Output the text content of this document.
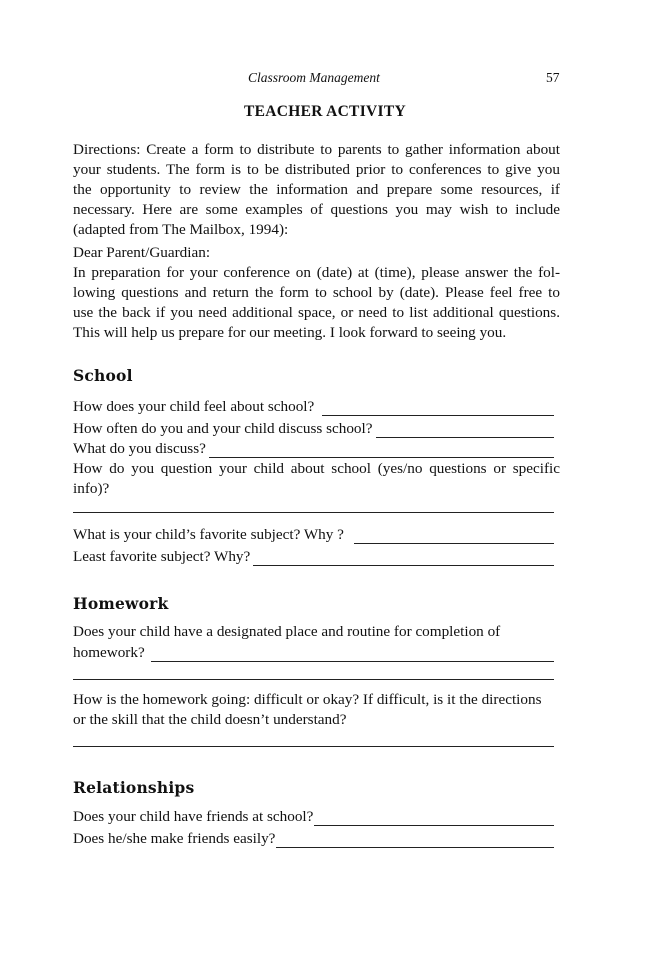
Classroom Management	57
TEACHER ACTIVITY
Directions: Create a form to distribute to parents to gather information about
your students. The form is to be distributed prior to conferences to give you
the opportunity to review the information and prepare some resources, if
necessary. Here are some examples of questions you may wish to include
(adapted from The Mailbox, 1994):
Dear Parent/Guardian:
In preparation for your conference on (date) at (time), please answer the fol-
lowing questions and return the form to school by (date). Please feel free to
use the back if you need additional space, or need to list additional questions.
This will help us prepare for our meeting. I look forward to seeing you.
School
How does your child feel about school?
How often do you and your child discuss school?
What do you discuss?
How do you question your child about school (yes/no questions or specific
info)?
What is your child’s favorite subject? Why ?
Least favorite subject? Why?
Homework
Does your child have a designated place and routine for completion of
homework?
How is the homework going: difficult or okay? If difficult, is it the directions
or the skill that the child doesn’t understand?
Relationships
Does your child have friends at school?
Does he/she make friends easily?
